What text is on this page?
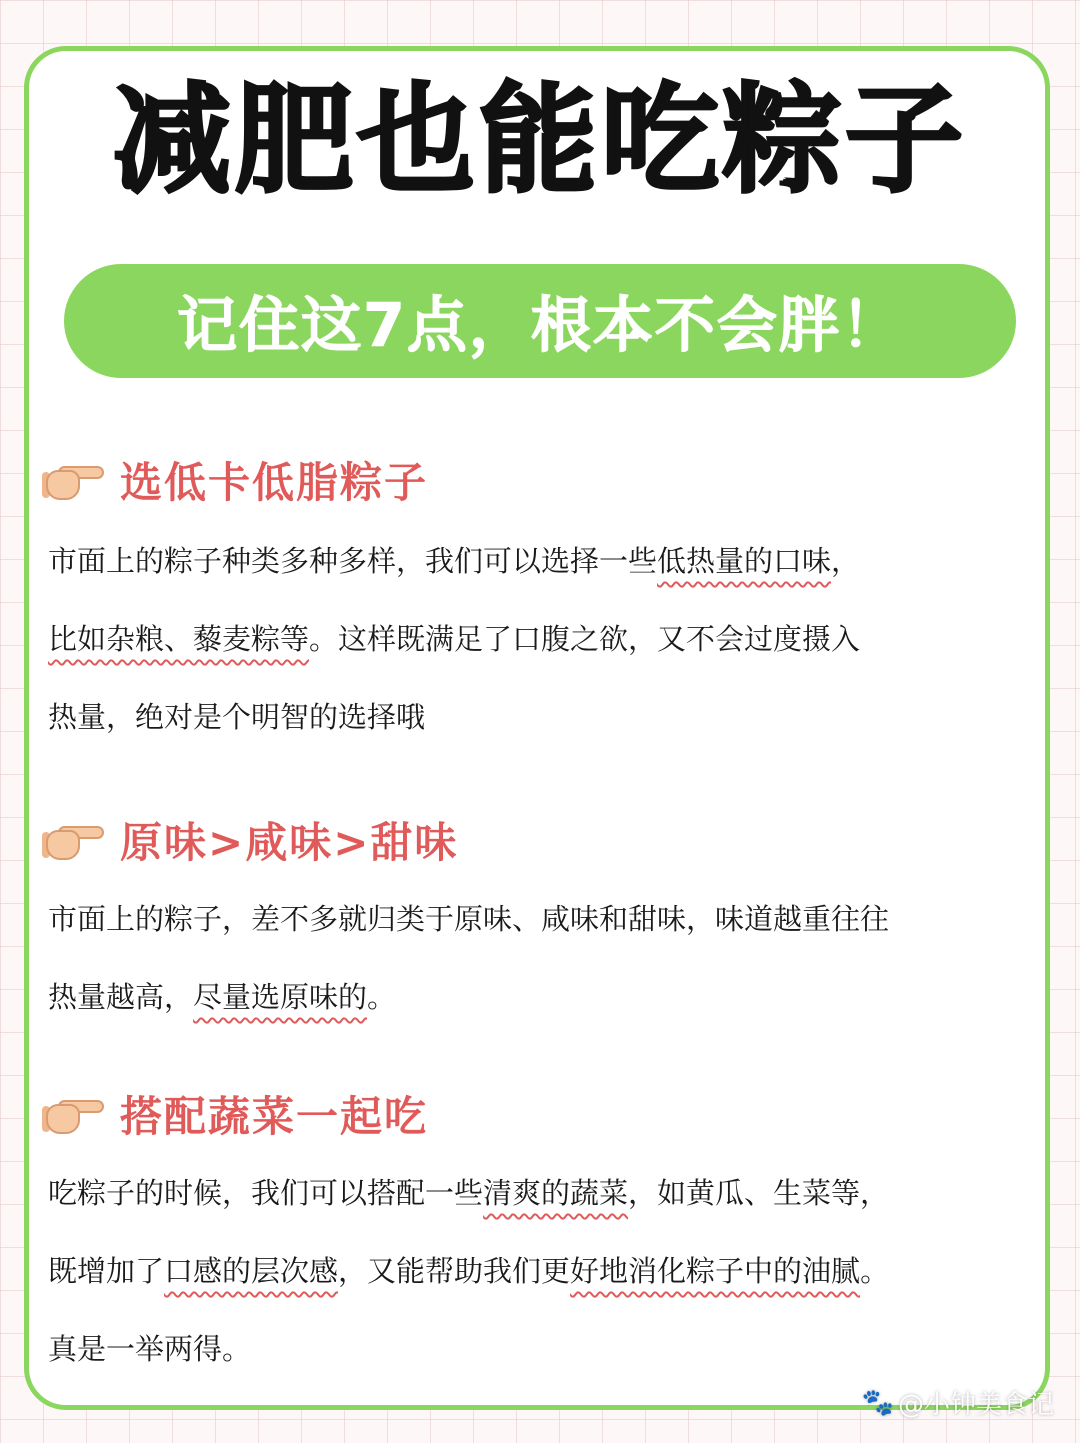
减肥也能吃粽子
记住这7点，根本不会胖！
选低卡低脂粽子
市面上的粽子种类多种多样，我们可以选择一些低热量的口味，
比如杂粮、藜麦粽等。这样既满足了口腹之欲，又不会过度摄入
热量，绝对是个明智的选择哦
原味>咸味>甜味
市面上的粽子，差不多就归类于原味、咸味和甜味，味道越重往往
热量越高，尽量选原味的。
搭配蔬菜一起吃
吃粽子的时候，我们可以搭配一些清爽的蔬菜，如黄瓜、生菜等，
既增加了口感的层次感，又能帮助我们更好地消化粽子中的油腻。
真是一举两得。
🐾 @小钟美食记
